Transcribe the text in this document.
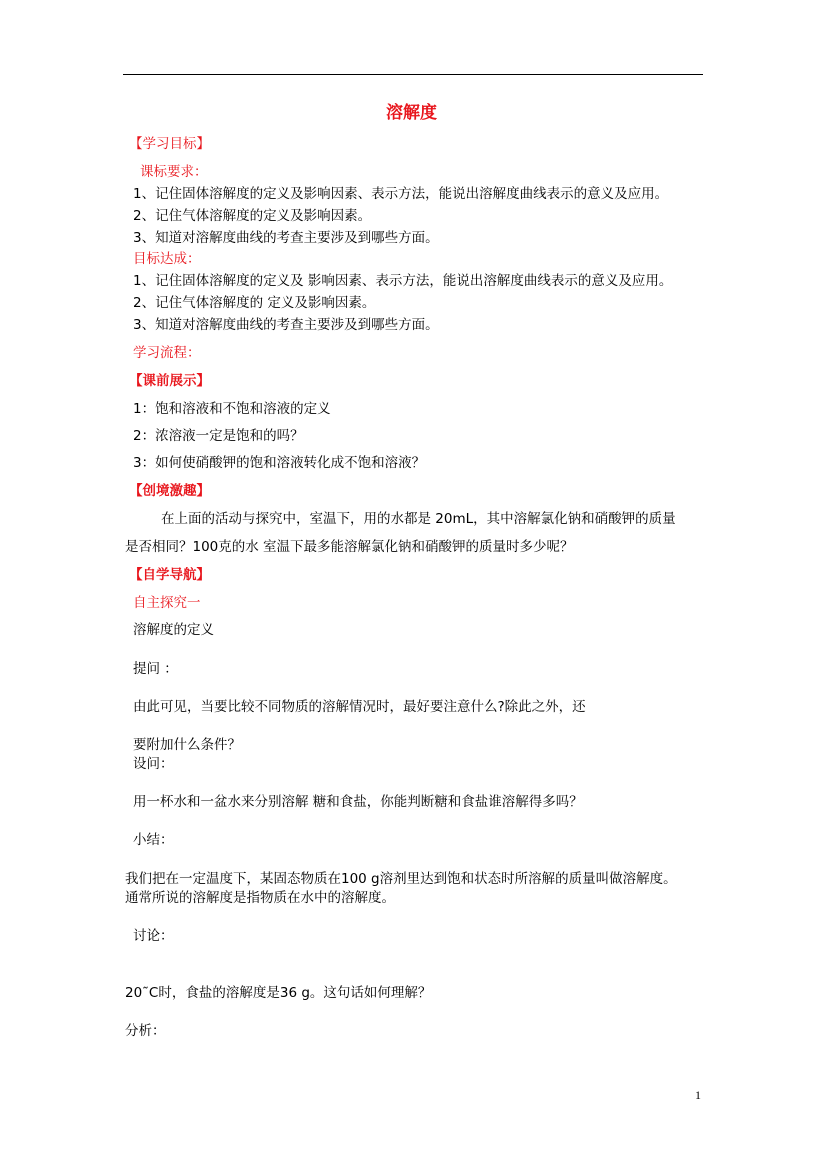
溶解度
【学习目标】
课标要求：
1、记住固体溶解度的定义及影响因素、表示方法，能说出溶解度曲线表示的意义及应用。
2、记住气体溶解度的定义及影响因素。
3、知道对溶解度曲线的考查主要涉及到哪些方面。
目标达成：
1、记住固体溶解度的定义及 影响因素、表示方法，能说出溶解度曲线表示的意义及应用。
2、记住气体溶解度的 定义及影响因素。
3、知道对溶解度曲线的考查主要涉及到哪些方面。
学习流程：
【课前展示】
1：饱和溶液和不饱和溶液的定义
2：浓溶液一定是饱和的吗？
3：如何使硝酸钾的饱和溶液转化成不饱和溶液？
【创境激趣】
在上面的活动与探究中，室温下，用的水都是 20mL，其中溶解氯化钠和硝酸钾的质量
是否相同？100克的水 室温下最多能溶解氯化钠和硝酸钾的质量时多少呢？
【自学导航】
自主探究一
溶解度的定义
提问 ：
由此可见，当要比较不同物质的溶解情况时，最好要注意什么?除此之外，还
要附加什么条件？
设问：
用一杯水和一盆水来分别溶解 糖和食盐，你能判断糖和食盐谁溶解得多吗？
小结：
我们把在一定温度下，某固态物质在100 g溶剂里达到饱和状态时所溶解的质量叫做溶解度。
通常所说的溶解度是指物质在水中的溶解度。
讨论：
20˜C时，食盐的溶解度是36 g。这句话如何理解？
分析：
1
